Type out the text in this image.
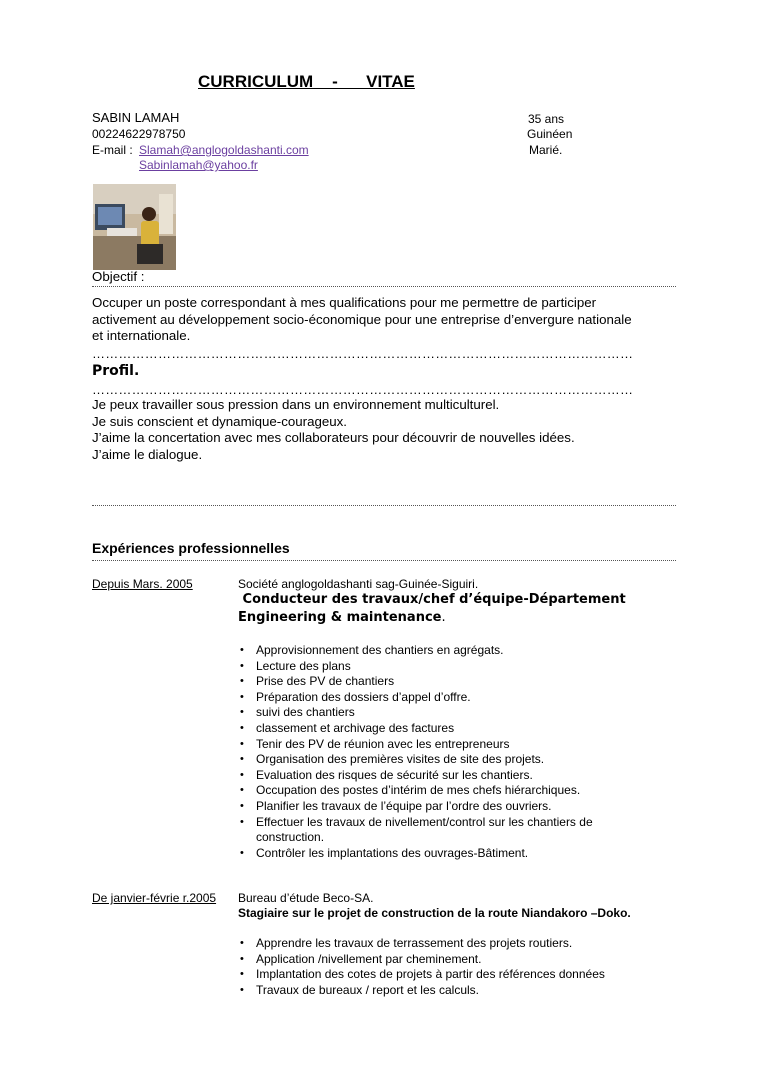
CURRICULUM    -      VITAE
SABIN LAMAH
00224622978750
E-mail : Slamah@anglogoldashanti.com
Sabinlamah@yahoo.fr
35 ans
Guinéen
Marié.
Objectif :
Occuper un poste correspondant à mes qualifications pour me permettre de participer
activement au développement socio-économique pour une entreprise d’envergure nationale
et internationale.
……………………………………………………………………………………………………………
Profil.
……………………………………………………………………………………………………………
Je peux travailler sous pression dans un environnement multiculturel.
Je suis conscient et dynamique-courageux.
J’aime la concertation avec mes collaborateurs pour découvrir de nouvelles idées.
J’aime le dialogue.
Expériences professionnelles
Depuis Mars. 2005	Société anglogoldashanti sag-Guinée-Siguiri.
Conducteur des travaux/chef d’équipe-Département
Engineering & maintenance.
• Approvisionnement des chantiers en agrégats.
• Lecture des plans
• Prise des PV de chantiers
• Préparation des dossiers d’appel d’offre.
• suivi des chantiers
• classement et archivage des factures
• Tenir des PV de réunion avec les entrepreneurs
• Organisation des premières visites de site des projets.
• Evaluation des risques de sécurité sur les chantiers.
• Occupation des postes d’intérim de mes chefs hiérarchiques.
• Planifier les travaux de l’équipe par l’ordre des ouvriers.
• Effectuer les travaux de nivellement/control sur les chantiers de construction.
• Contrôler les implantations des ouvrages-Bâtiment.
De janvier-févrie r.2005 Bureau d’étude Beco-SA.
Stagiaire sur le projet de construction de la route Niandakoro –Doko.
• Apprendre les travaux de terrassement des projets routiers.
• Application /nivellement par cheminement.
• Implantation des cotes de projets à partir des références données
• Travaux de bureaux / report et les calculs.
